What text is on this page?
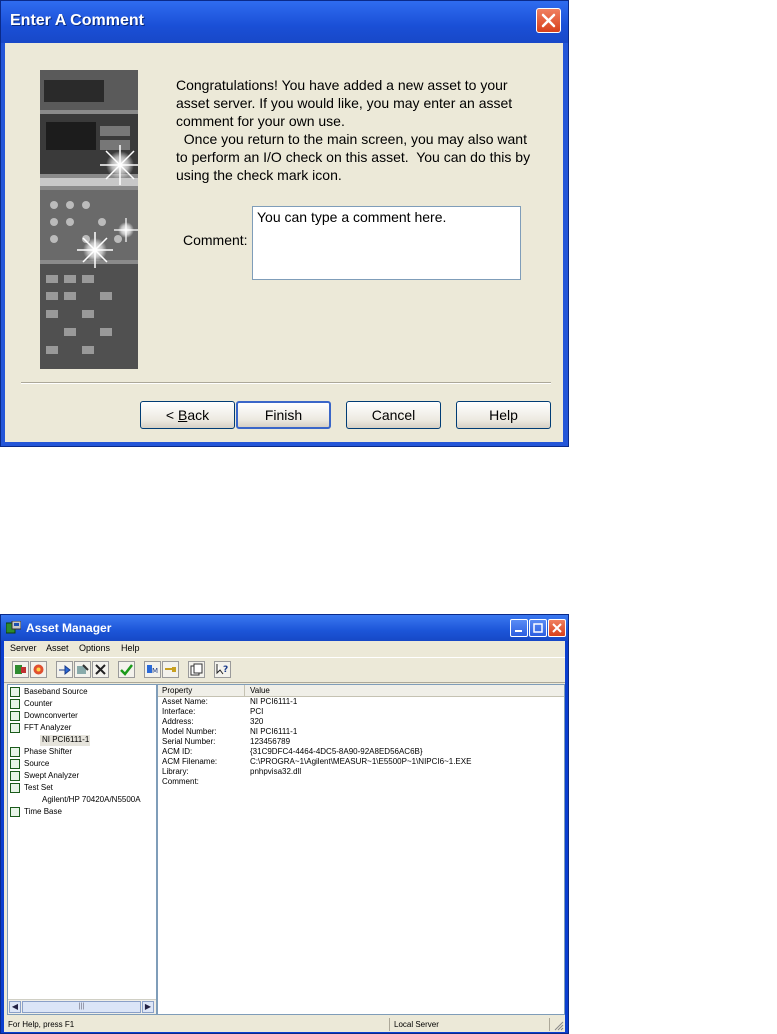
Enter A Comment

Congratulations! You have added a new asset to your asset server. If you would like, you may enter an asset comment for your own use.

Once you return to the main screen, you may also want to perform an I/O check on this asset.  You can do this by using the check mark icon.

Comment:
You can type a comment here.
< Back	Finish	Cancel	Help
Asset Manager
Server Asset Options Help
M	?
Baseband Source
Counter
Downconverter
FFT Analyzer
NI PCI6111-1
Phase Shifter
Source
Swept Analyzer
Test Set
Agilent/HP 70420A/N5500A
Time Base
◀	|||	▶
Property	Value
Asset Name:	NI PCI6111-1
Interface:	PCI
Address:	320
Model Number:	NI PCI6111-1
Serial Number:	123456789
ACM ID:	{31C9DFC4-4464-4DC5-8A90-92A8ED56AC6B}
ACM Filename:	C:\PROGRA~1\Agilent\MEASUR~1\E5500P~1\NIPCI6~1.EXE
Library:	pnhpvisa32.dll
Comment:
For Help, press F1	Local Server
